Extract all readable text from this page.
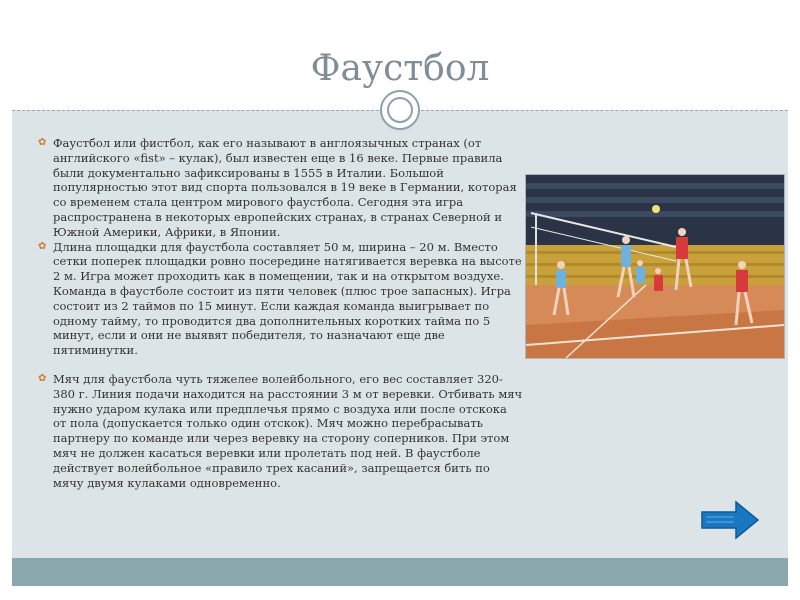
Фаустбол

✿ Фаустбол или фистбол, как его называют в англоязычных странах (от английского «fist» – кулак), был известен еще в 16 веке. Первые правила были документально зафиксированы в 1555 в Италии. Большой популярностью этот вид спорта пользовался в 19 веке в Германии, которая со временем стала центром мирового фаустбола. Сегодня эта игра распространена в некоторых европейских странах, в странах Северной и Южной Америки, Африки, в Японии.

✿ Длина площадки для фаустбола составляет 50 м, ширина – 20 м. Вместо сетки поперек площадки ровно посередине натягивается веревка на высоте 2 м. Игра может проходить как в помещении, так и на открытом воздухе. Команда в фаустболе состоит из пяти человек (плюс трое запасных). Игра состоит из 2 таймов по 15 минут. Если каждая команда выигрывает по одному тайму, то проводится два дополнительных коротких тайма по 5 минут, если и они не выявят победителя, то назначают еще две пятиминутки.

✿ Мяч для фаустбола чуть тяжелее волейбольного, его вес составляет 320-380 г. Линия подачи находится на расстоянии 3 м от веревки. Отбивать мяч нужно ударом кулака или предплечья прямо с воздуха или после отскока от пола (допускается только один отскок). Мяч можно перебрасывать партнеру по команде или через веревку на сторону соперников. При этом мяч не должен касаться веревки или пролетать под ней. В фаустболе действует волейбольное «правило трех касаний», запрещается бить по мячу двумя кулаками одновременно.
